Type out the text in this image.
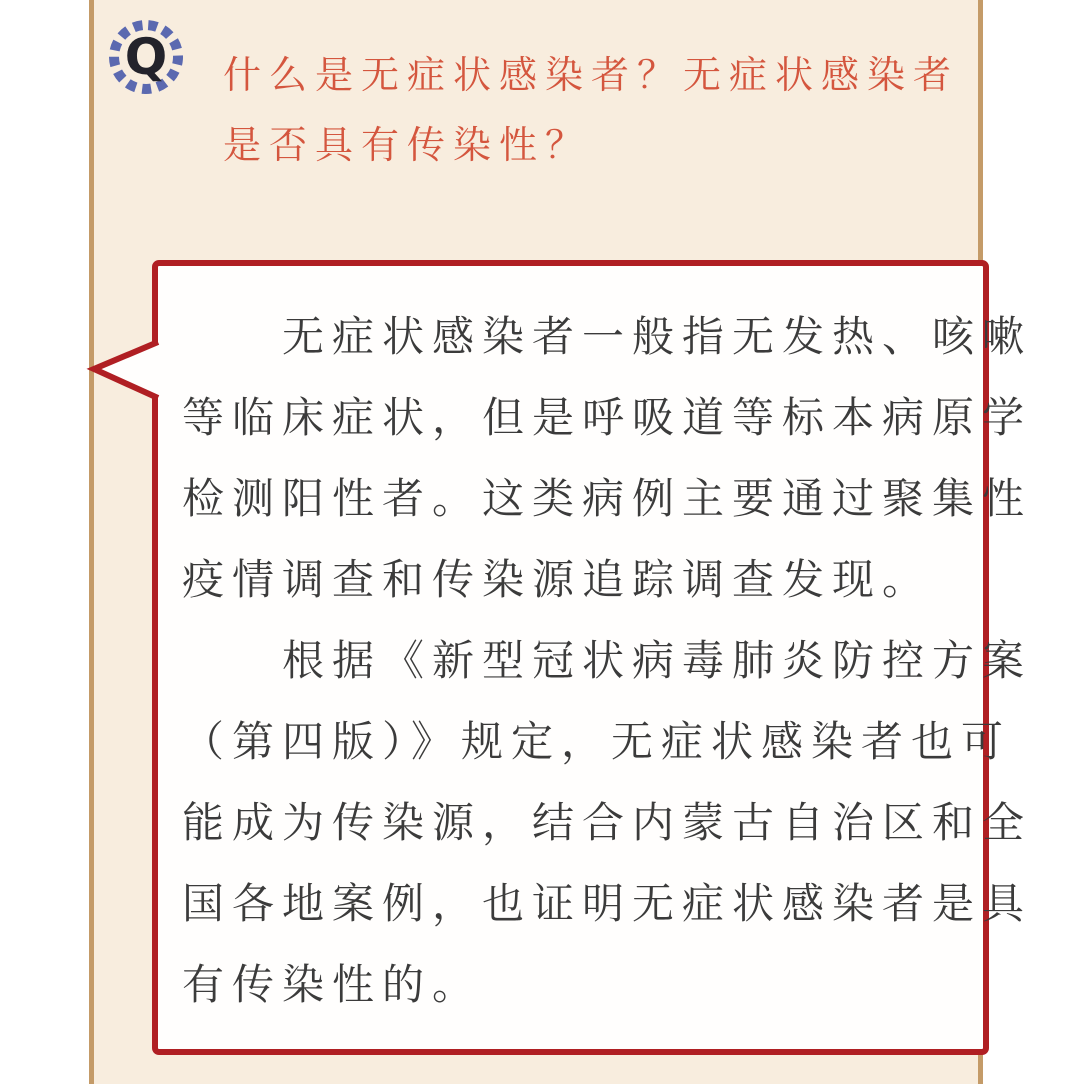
Q 什么是无症状感染者？无症状感染者
是否具有传染性？
　　无症状感染者一般指无发热、咳嗽
等临床症状，但是呼吸道等标本病原学
检测阳性者。这类病例主要通过聚集性
疫情调查和传染源追踪调查发现。
　　根据《新型冠状病毒肺炎防控方案
（第四版）》规定，无症状感染者也可
能成为传染源，结合内蒙古自治区和全
国各地案例，也证明无症状感染者是具
有传染性的。
